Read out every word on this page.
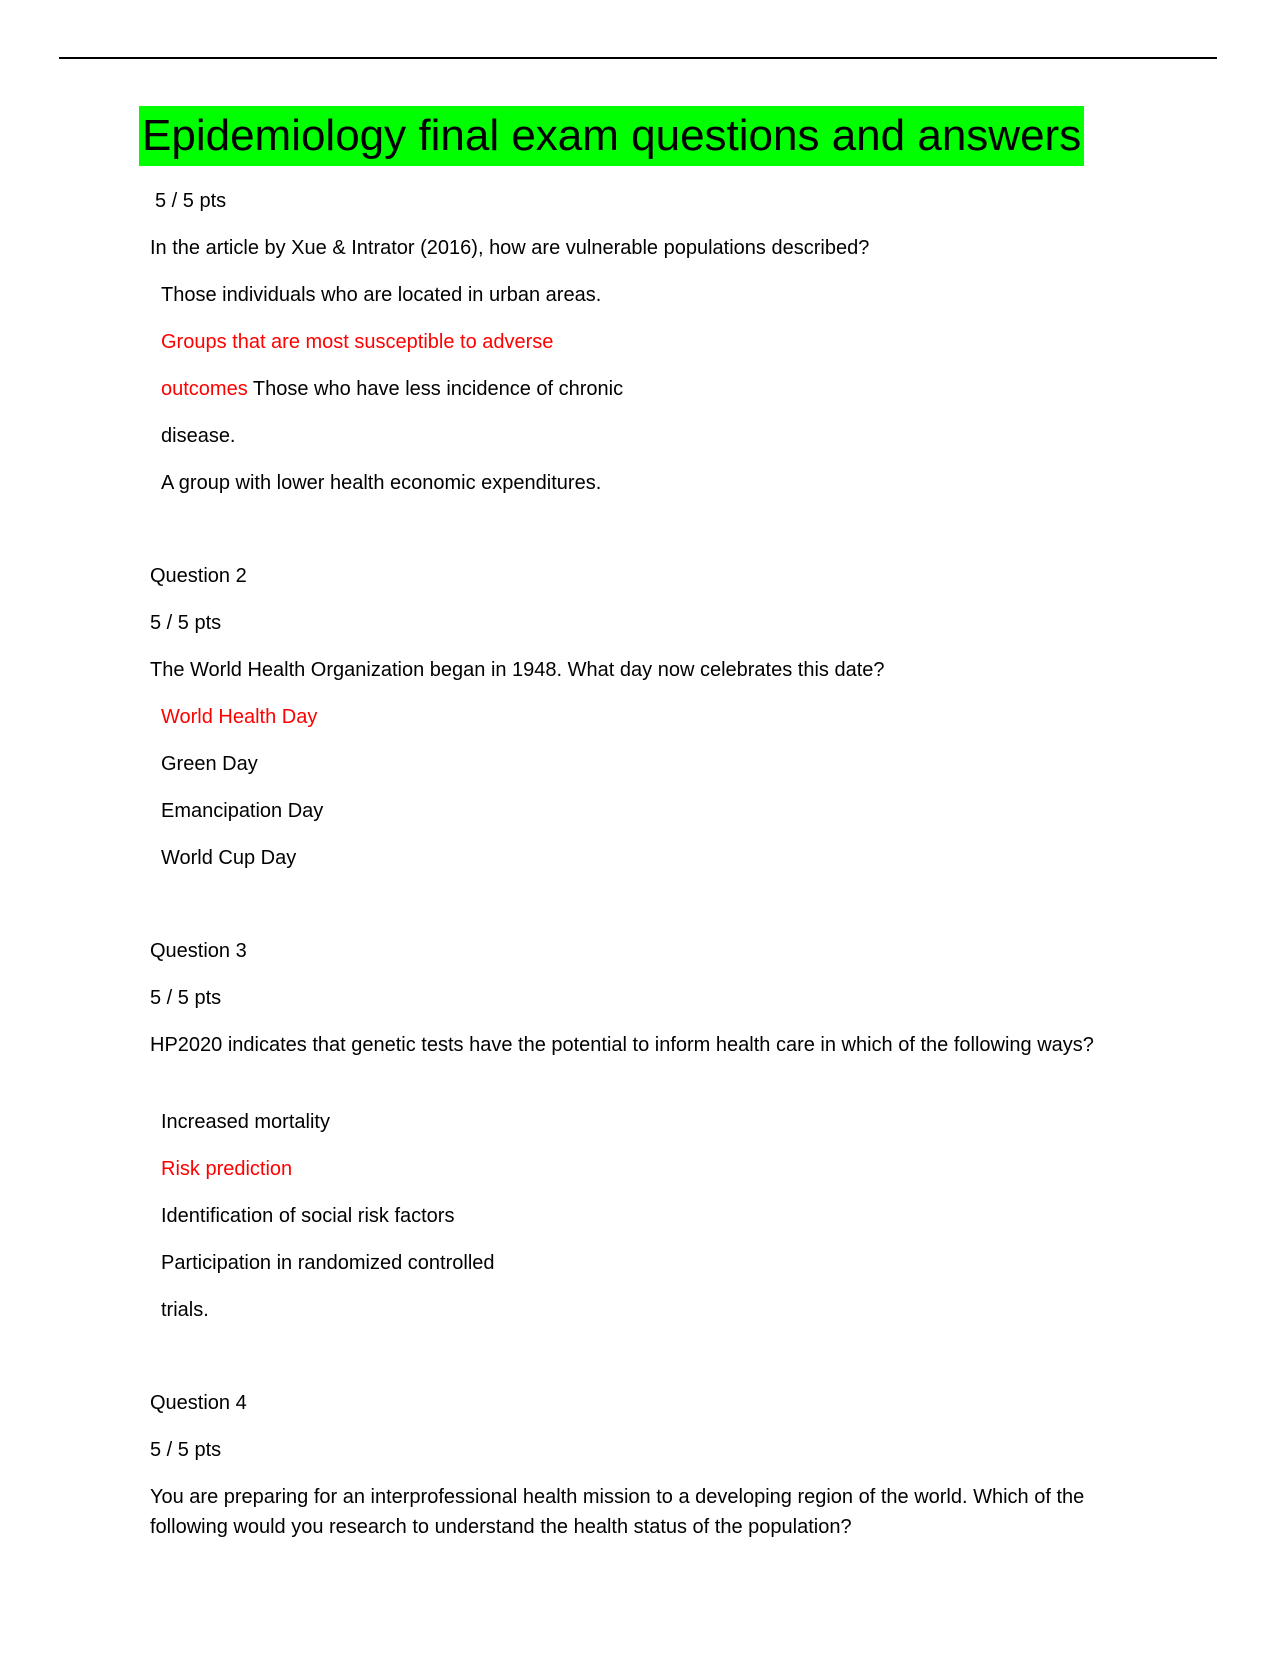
Epidemiology final exam questions and answers
5 / 5 pts
In the article by Xue & Intrator (2016), how are vulnerable populations described?
Those individuals who are located in urban areas.
Groups that are most susceptible to adverse
outcomes Those who have less incidence of chronic
disease.
A group with lower health economic expenditures.
Question 2
5 / 5 pts
The World Health Organization began in 1948. What day now celebrates this date?
World Health Day
Green Day
Emancipation Day
World Cup Day
Question 3
5 / 5 pts
HP2020 indicates that genetic tests have the potential to inform health care in which of the following ways?
Increased mortality
Risk prediction
Identification of social risk factors
Participation in randomized controlled
trials.
Question 4
5 / 5 pts
You are preparing for an interprofessional health mission to a developing region of the world. Which of the following would you research to understand the health status of the population?
